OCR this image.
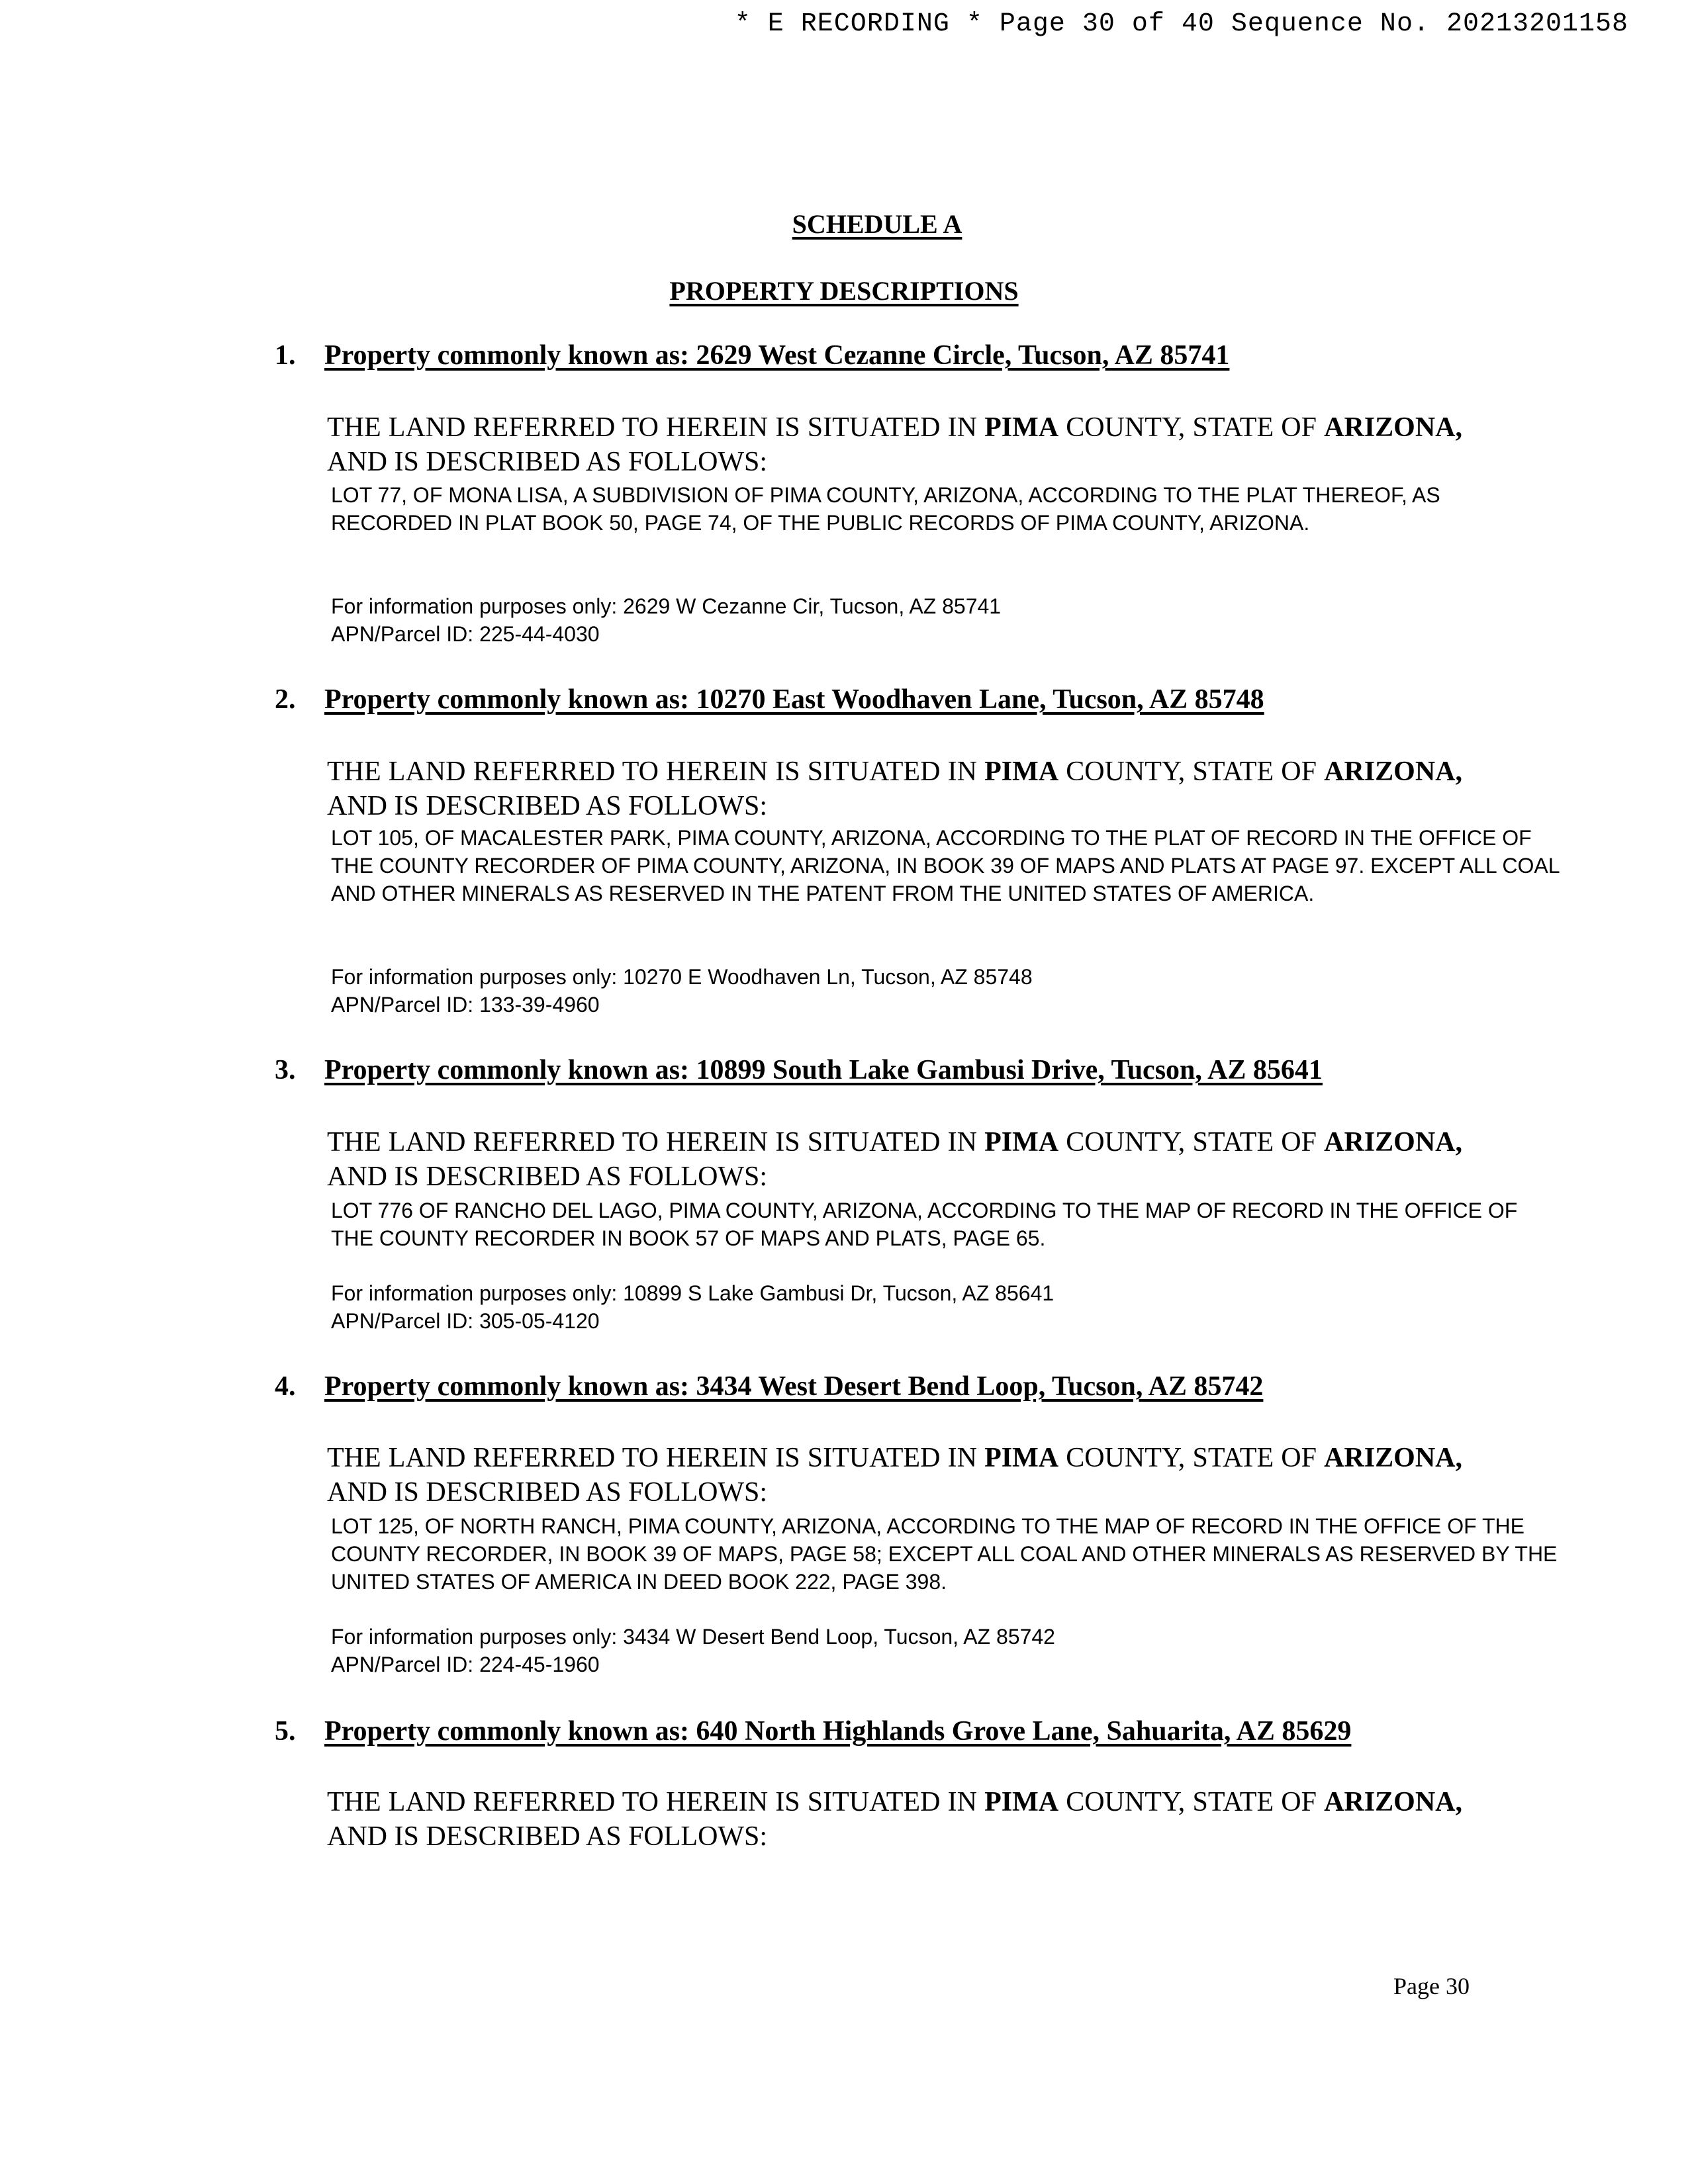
* E RECORDING * Page 30 of 40 Sequence No. 20213201158
SCHEDULE A
PROPERTY DESCRIPTIONS
1. Property commonly known as: 2629 West Cezanne Circle, Tucson, AZ 85741
THE LAND REFERRED TO HEREIN IS SITUATED IN PIMA COUNTY, STATE OF ARIZONA, AND IS DESCRIBED AS FOLLOWS:
LOT 77, OF MONA LISA, A SUBDIVISION OF PIMA COUNTY, ARIZONA, ACCORDING TO THE PLAT THEREOF, AS RECORDED IN PLAT BOOK 50, PAGE 74, OF THE PUBLIC RECORDS OF PIMA COUNTY, ARIZONA.
For information purposes only: 2629 W Cezanne Cir, Tucson, AZ 85741
APN/Parcel ID: 225-44-4030
2. Property commonly known as: 10270 East Woodhaven Lane, Tucson, AZ 85748
THE LAND REFERRED TO HEREIN IS SITUATED IN PIMA COUNTY, STATE OF ARIZONA, AND IS DESCRIBED AS FOLLOWS:
LOT 105, OF MACALESTER PARK, PIMA COUNTY, ARIZONA, ACCORDING TO THE PLAT OF RECORD IN THE OFFICE OF THE COUNTY RECORDER OF PIMA COUNTY, ARIZONA, IN BOOK 39 OF MAPS AND PLATS AT PAGE 97. EXCEPT ALL COAL AND OTHER MINERALS AS RESERVED IN THE PATENT FROM THE UNITED STATES OF AMERICA.
For information purposes only: 10270 E Woodhaven Ln, Tucson, AZ 85748
APN/Parcel ID: 133-39-4960
3. Property commonly known as: 10899 South Lake Gambusi Drive, Tucson, AZ 85641
THE LAND REFERRED TO HEREIN IS SITUATED IN PIMA COUNTY, STATE OF ARIZONA, AND IS DESCRIBED AS FOLLOWS:
LOT 776 OF RANCHO DEL LAGO, PIMA COUNTY, ARIZONA, ACCORDING TO THE MAP OF RECORD IN THE OFFICE OF THE COUNTY RECORDER IN BOOK 57 OF MAPS AND PLATS, PAGE 65.
For information purposes only: 10899 S Lake Gambusi Dr, Tucson, AZ 85641
APN/Parcel ID: 305-05-4120
4. Property commonly known as: 3434 West Desert Bend Loop, Tucson, AZ 85742
THE LAND REFERRED TO HEREIN IS SITUATED IN PIMA COUNTY, STATE OF ARIZONA, AND IS DESCRIBED AS FOLLOWS:
LOT 125, OF NORTH RANCH, PIMA COUNTY, ARIZONA, ACCORDING TO THE MAP OF RECORD IN THE OFFICE OF THE COUNTY RECORDER, IN BOOK 39 OF MAPS, PAGE 58; EXCEPT ALL COAL AND OTHER MINERALS AS RESERVED BY THE UNITED STATES OF AMERICA IN DEED BOOK 222, PAGE 398.
For information purposes only: 3434 W Desert Bend Loop, Tucson, AZ 85742
APN/Parcel ID: 224-45-1960
5. Property commonly known as: 640 North Highlands Grove Lane, Sahuarita, AZ 85629
THE LAND REFERRED TO HEREIN IS SITUATED IN PIMA COUNTY, STATE OF ARIZONA, AND IS DESCRIBED AS FOLLOWS:
Page 30
